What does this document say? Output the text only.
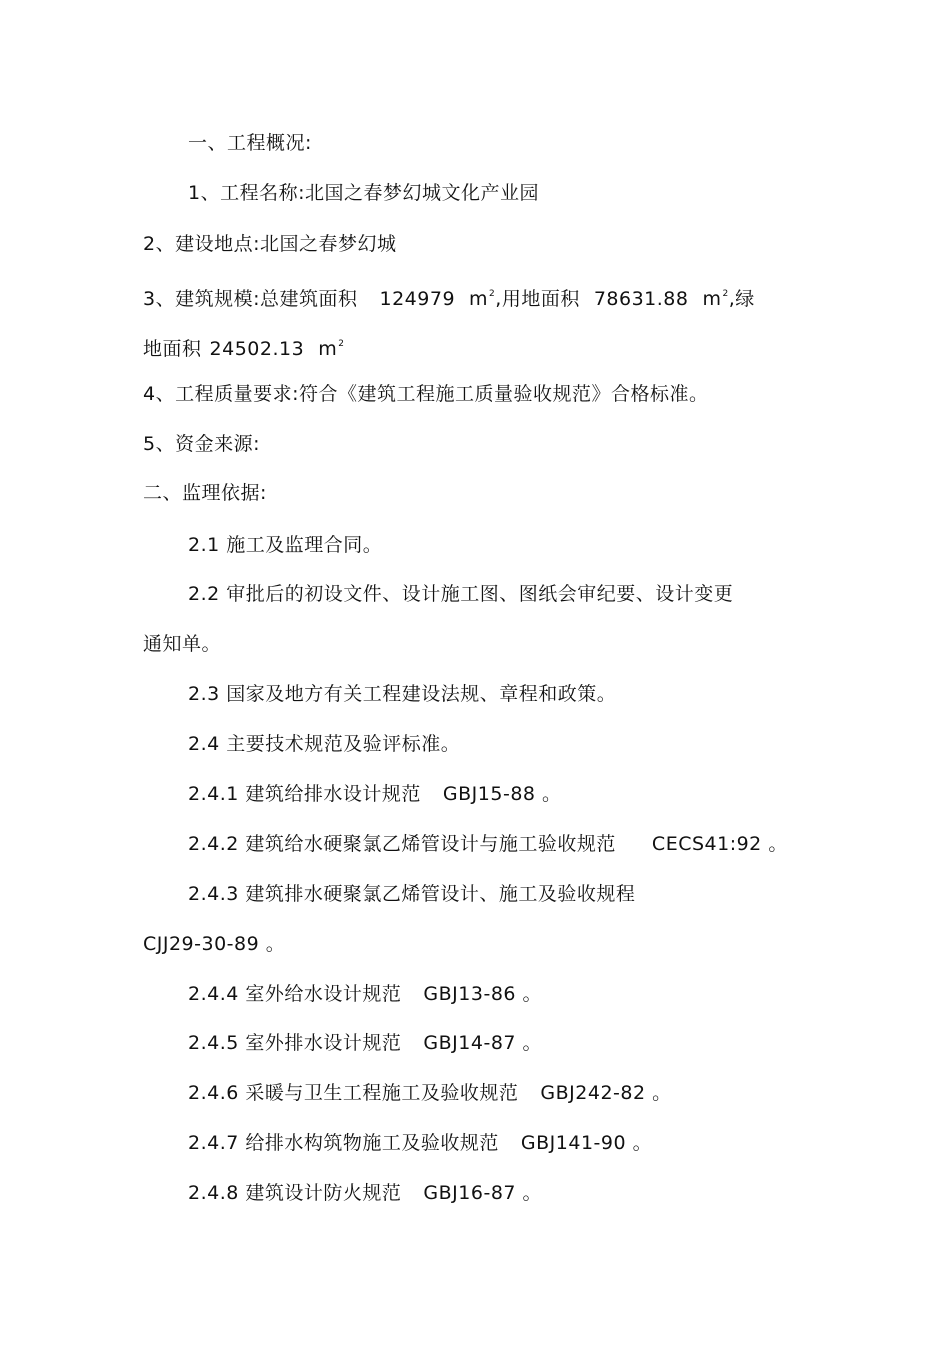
一、工程概况:
1、工程名称:北国之春梦幻城文化产业园
2、建设地点:北国之春梦幻城
3、建筑规模:总建筑面积 124979 $m^2$,用地面积 78631.88 $m^2$,绿
地面积 24502.13 $m^2$
4、工程质量要求:符合《建筑工程施工质量验收规范》合格标准。
5、资金来源:
二、监理依据:
2.1 施工及监理合同。
2.2 审批后的初设文件、设计施工图、图纸会审纪要、设计变更
通知单。
2.3 国家及地方有关工程建设法规、章程和政策。
2.4 主要技术规范及验评标准。
2.4.1 建筑给排水设计规范 GBJ15-88 。
2.4.2 建筑给水硬聚氯乙烯管设计与施工验收规范 CECS41:92 。
2.4.3 建筑排水硬聚氯乙烯管设计、施工及验收规程
CJJ29-30-89 。
2.4.4 室外给水设计规范 GBJ13-86 。
2.4.5 室外排水设计规范 GBJ14-87 。
2.4.6 采暖与卫生工程施工及验收规范 GBJ242-82 。
2.4.7 给排水构筑物施工及验收规范 GBJ141-90 。
2.4.8 建筑设计防火规范 GBJ16-87 。
